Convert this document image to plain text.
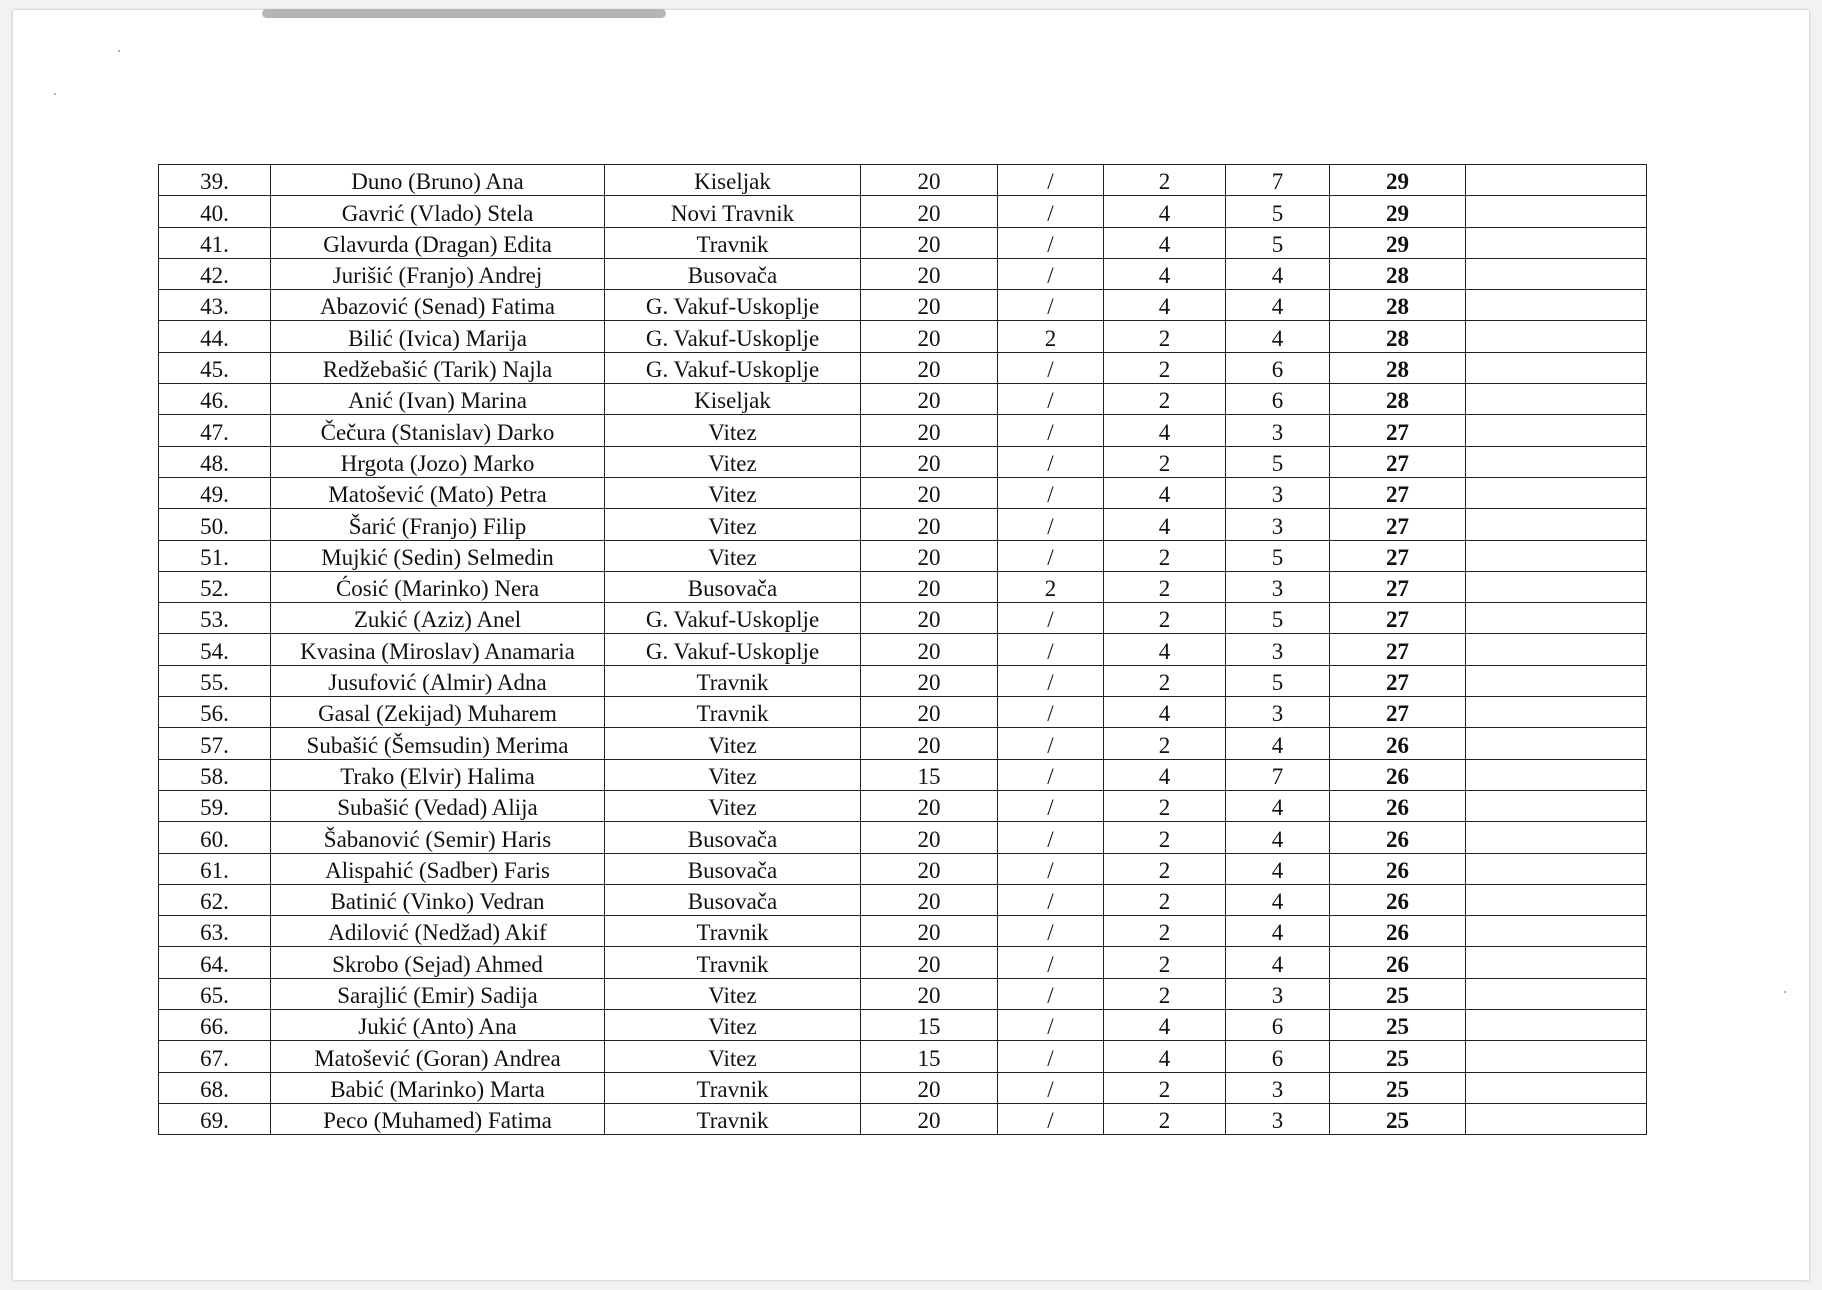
39.	Duno (Bruno) Ana	Kiseljak	20	/	2	7	29	
40.	Gavrić (Vlado) Stela	Novi Travnik	20	/	4	5	29	
41.	Glavurda (Dragan) Edita	Travnik	20	/	4	5	29	
42.	Jurišić (Franjo) Andrej	Busovača	20	/	4	4	28	
43.	Abazović (Senad) Fatima	G. Vakuf-Uskoplje	20	/	4	4	28	
44.	Bilić (Ivica) Marija	G. Vakuf-Uskoplje	20	2	2	4	28	
45.	Redžebašić (Tarik) Najla	G. Vakuf-Uskoplje	20	/	2	6	28	
46.	Anić (Ivan) Marina	Kiseljak	20	/	2	6	28	
47.	Čečura (Stanislav) Darko	Vitez	20	/	4	3	27	
48.	Hrgota (Jozo) Marko	Vitez	20	/	2	5	27	
49.	Matošević (Mato) Petra	Vitez	20	/	4	3	27	
50.	Šarić (Franjo) Filip	Vitez	20	/	4	3	27	
51.	Mujkić (Sedin) Selmedin	Vitez	20	/	2	5	27	
52.	Ćosić (Marinko) Nera	Busovača	20	2	2	3	27	
53.	Zukić (Aziz) Anel	G. Vakuf-Uskoplje	20	/	2	5	27	
54.	Kvasina (Miroslav) Anamaria	G. Vakuf-Uskoplje	20	/	4	3	27	
55.	Jusufović (Almir) Adna	Travnik	20	/	2	5	27	
56.	Gasal (Zekijad) Muharem	Travnik	20	/	4	3	27	
57.	Subašić (Šemsudin) Merima	Vitez	20	/	2	4	26	
58.	Trako (Elvir) Halima	Vitez	15	/	4	7	26	
59.	Subašić (Vedad) Alija	Vitez	20	/	2	4	26	
60.	Šabanović (Semir) Haris	Busovača	20	/	2	4	26	
61.	Alispahić (Sadber) Faris	Busovača	20	/	2	4	26	
62.	Batinić (Vinko) Vedran	Busovača	20	/	2	4	26	
63.	Adilović (Nedžad) Akif	Travnik	20	/	2	4	26	
64.	Skrobo (Sejad) Ahmed	Travnik	20	/	2	4	26	
65.	Sarajlić (Emir) Sadija	Vitez	20	/	2	3	25	
66.	Jukić (Anto) Ana	Vitez	15	/	4	6	25	
67.	Matošević (Goran) Andrea	Vitez	15	/	4	6	25	
68.	Babić (Marinko) Marta	Travnik	20	/	2	3	25	
69.	Peco (Muhamed) Fatima	Travnik	20	/	2	3	25	
